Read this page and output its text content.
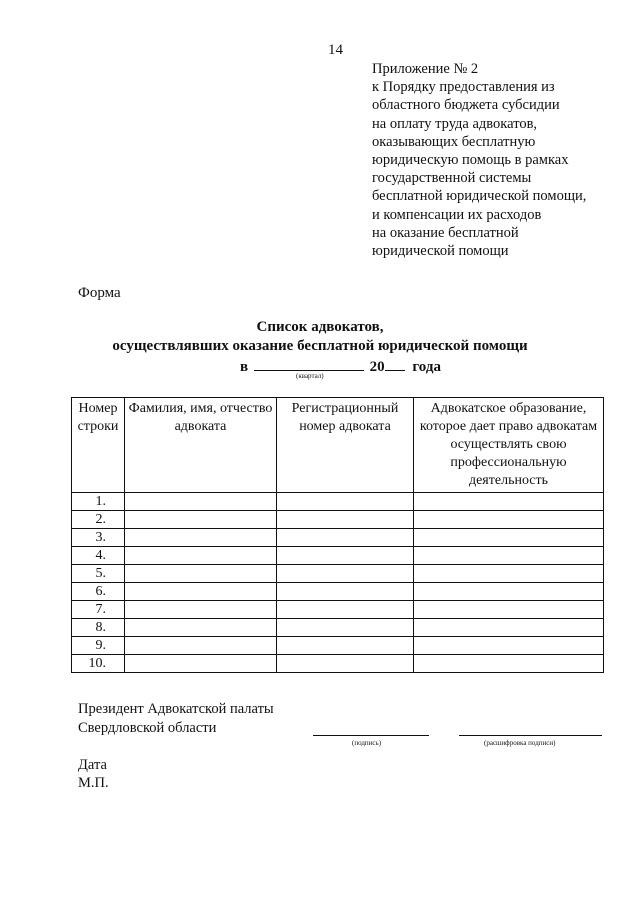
14
Приложение № 2
к Порядку предоставления из
областного бюджета субсидии
на оплату труда адвокатов,
оказывающих бесплатную
юридическую помощь в рамках
государственной системы
бесплатной юридической помощи,
и компенсации их расходов
на оказание бесплатной
юридической помощи
Форма
Список адвокатов,
осуществлявших оказание бесплатной юридической помощи
в	20 года
(квартал)
Номер строки	Фамилия, имя, отчество адвоката	Регистрационный номер адвоката	Адвокатское образование, которое дает право адвокатам осуществлять свою профессиональную деятельность
1.			
2.			
3.			
4.			
5.			
6.			
7.			
8.			
9.			
10.			
Президент Адвокатской палаты
Свердловской области
(подпись)	(расшифровка подписи)
Дата
М.П.
